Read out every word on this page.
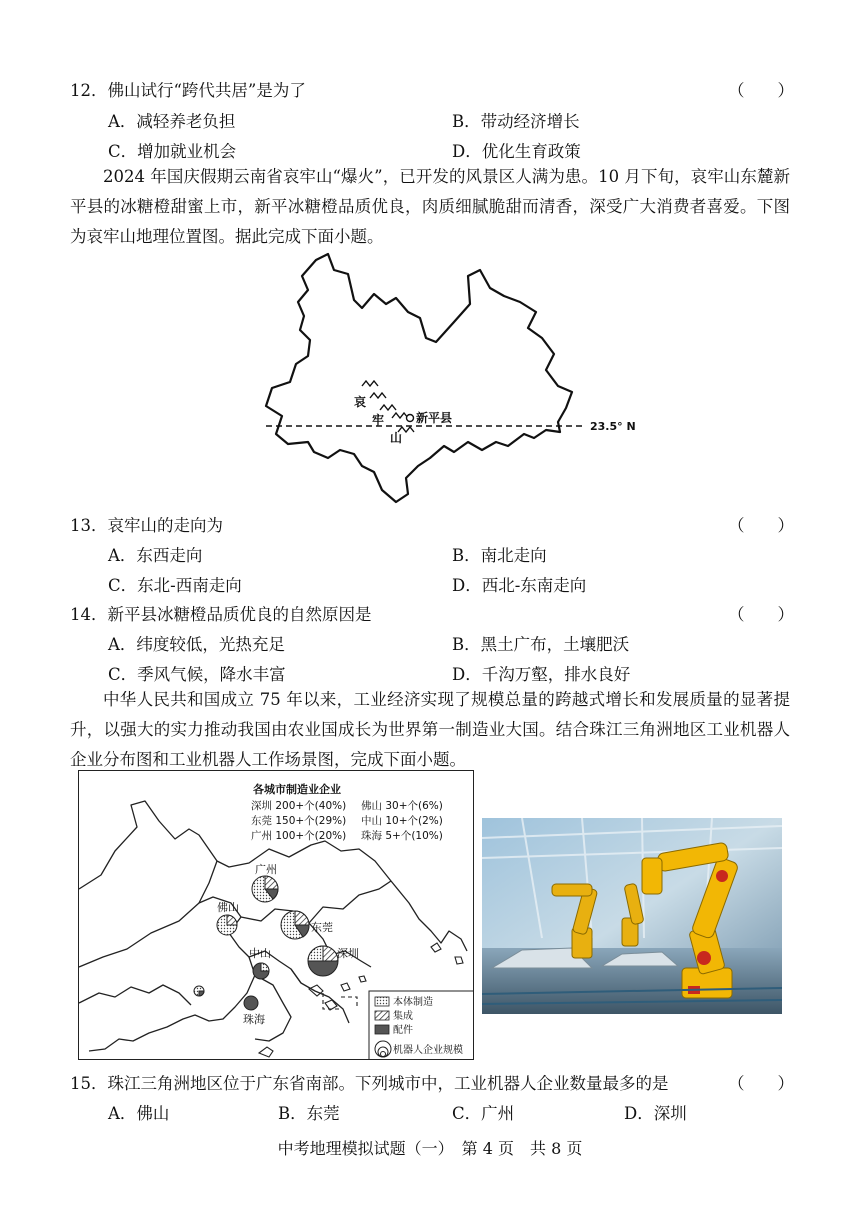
12．佛山试行“跨代共居”是为了	（　　）
A．减轻养老负担	B．带动经济增长
C．增加就业机会	D．优化生育政策
2024 年国庆假期云南省哀牢山“爆火”，已开发的风景区人满为患。10 月下旬，哀牢山东麓新平县的冰糖橙甜蜜上市，新平冰糖橙品质优良，肉质细腻脆甜而清香，深受广大消费者喜爱。下图为哀牢山地理位置图。据此完成下面小题。
哀
牢
山
新平县
23.5° N
13．哀牢山的走向为	（　　）
A．东西走向	B．南北走向
C．东北-西南走向	D．西北-东南走向
14．新平县冰糖橙品质优良的自然原因是	（　　）
A．纬度较低，光热充足	B．黑土广布，土壤肥沃
C．季风气候，降水丰富	D．千沟万壑，排水良好
中华人民共和国成立 75 年以来，工业经济实现了规模总量的跨越式增长和发展质量的显著提升，以强大的实力推动我国由农业国成长为世界第一制造业大国。结合珠江三角洲地区工业机器人企业分布图和工业机器人工作场景图，完成下面小题。
佛山
广州
东莞
深圳
中山
珠海
各城市制造业企业
深圳 200+个(40%) 佛山 30+个(6%)
东莞 150+个(29%) 中山 10+个(2%)
广州 100+个(20%) 珠海 5+个(10%)
本体制造
集成
配件
机器人企业规模
15．珠江三角洲地区位于广东省南部。下列城市中，工业机器人企业数量最多的是	（　　）
A．佛山	B．东莞	C．广州	D．深圳
中考地理模拟试题（一）　第 4 页　共 8 页
